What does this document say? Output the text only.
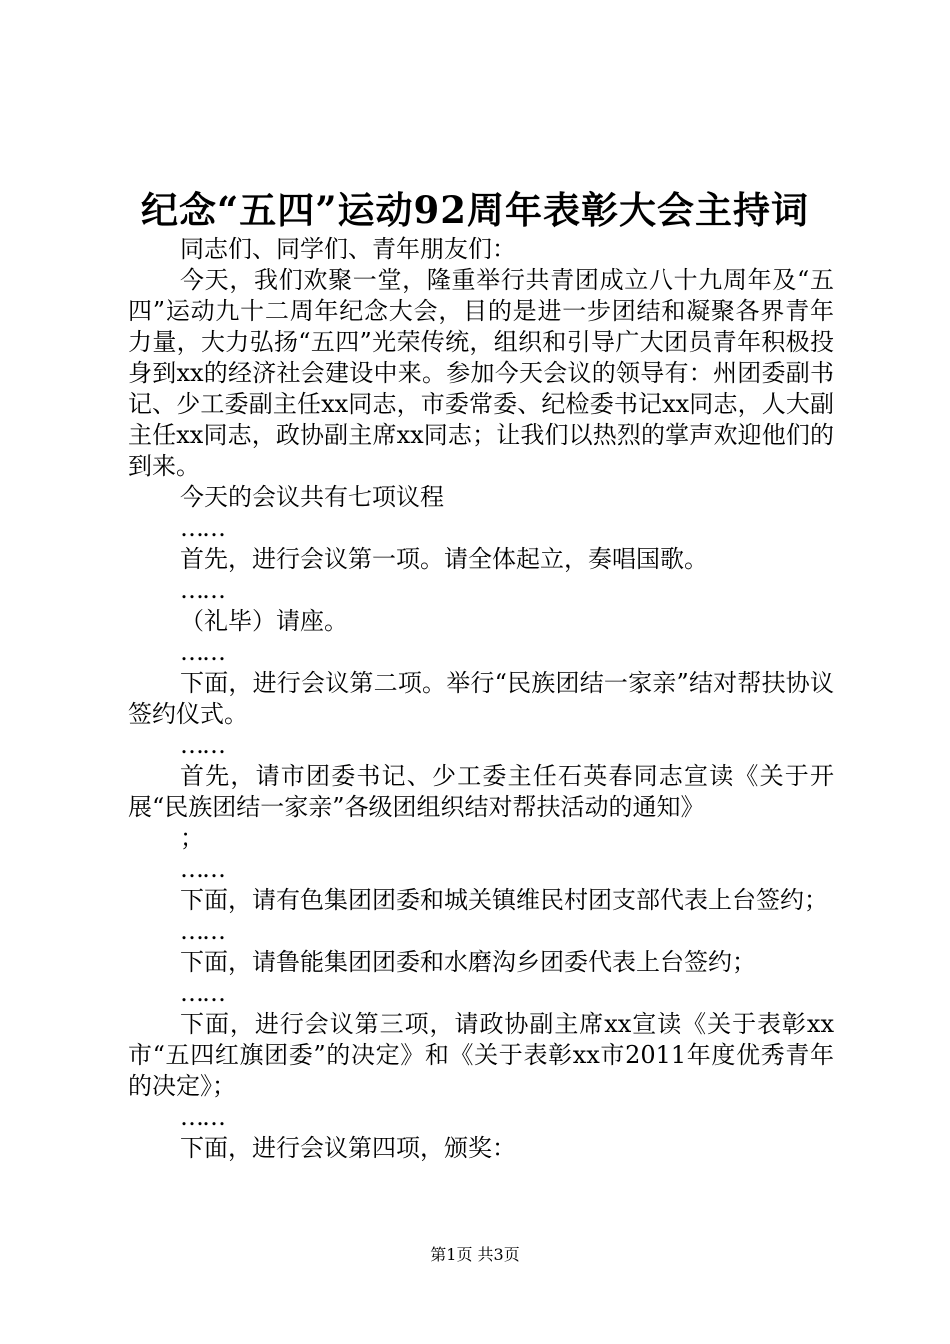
纪念“五四”运动92周年表彰大会主持词

同志们、同学们、青年朋友们：

今天，我们欢聚一堂，隆重举行共青团成立八十九周年及“五四”运动九十二周年纪念大会，目的是进一步团结和凝聚各界青年力量，大力弘扬“五四”光荣传统，组织和引导广大团员青年积极投身到xx的经济社会建设中来。参加今天会议的领导有：州团委副书记、少工委副主任xx同志，市委常委、纪检委书记xx同志，人大副主任xx同志，政协副主席xx同志；让我们以热烈的掌声欢迎他们的到来。

今天的会议共有七项议程

……

首先，进行会议第一项。请全体起立，奏唱国歌。

……

（礼毕）请座。

……

下面，进行会议第二项。举行“民族团结一家亲”结对帮扶协议签约仪式。

……

首先，请市团委书记、少工委主任石英春同志宣读《关于开展“民族团结一家亲”各级团组织结对帮扶活动的通知》

；

……

下面，请有色集团团委和城关镇维民村团支部代表上台签约；

……

下面，请鲁能集团团委和水磨沟乡团委代表上台签约；

……

下面，进行会议第三项，请政协副主席xx宣读《关于表彰xx市“五四红旗团委”的决定》和《关于表彰xx市2011年度优秀青年的决定》；

……

下面，进行会议第四项，颁奖：

第1页 共3页
